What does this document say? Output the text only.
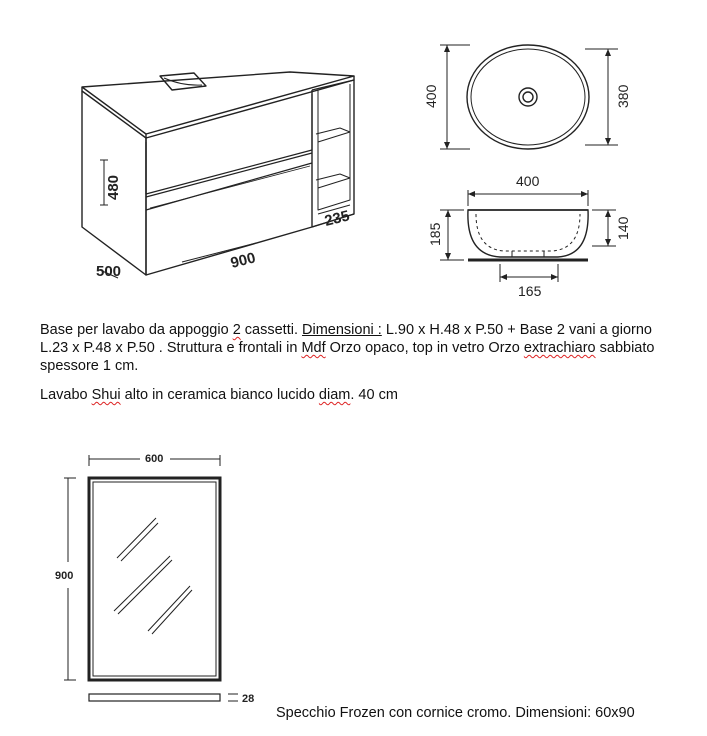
480
500	900
235
400	380
400
185	140
165
600
900
28

Base per lavabo da appoggio 2 cassetti. Dimensioni : L.90 x H.48 x P.50 + Base 2 vani a giorno
L.23 x P.48 x P.50 . Struttura e frontali in Mdf Orzo opaco, top in vetro Orzo extrachiaro sabbiato
spessore 1 cm.

Lavabo Shui alto in ceramica bianco lucido diam. 40 cm

Specchio Frozen con cornice cromo. Dimensioni: 60x90
